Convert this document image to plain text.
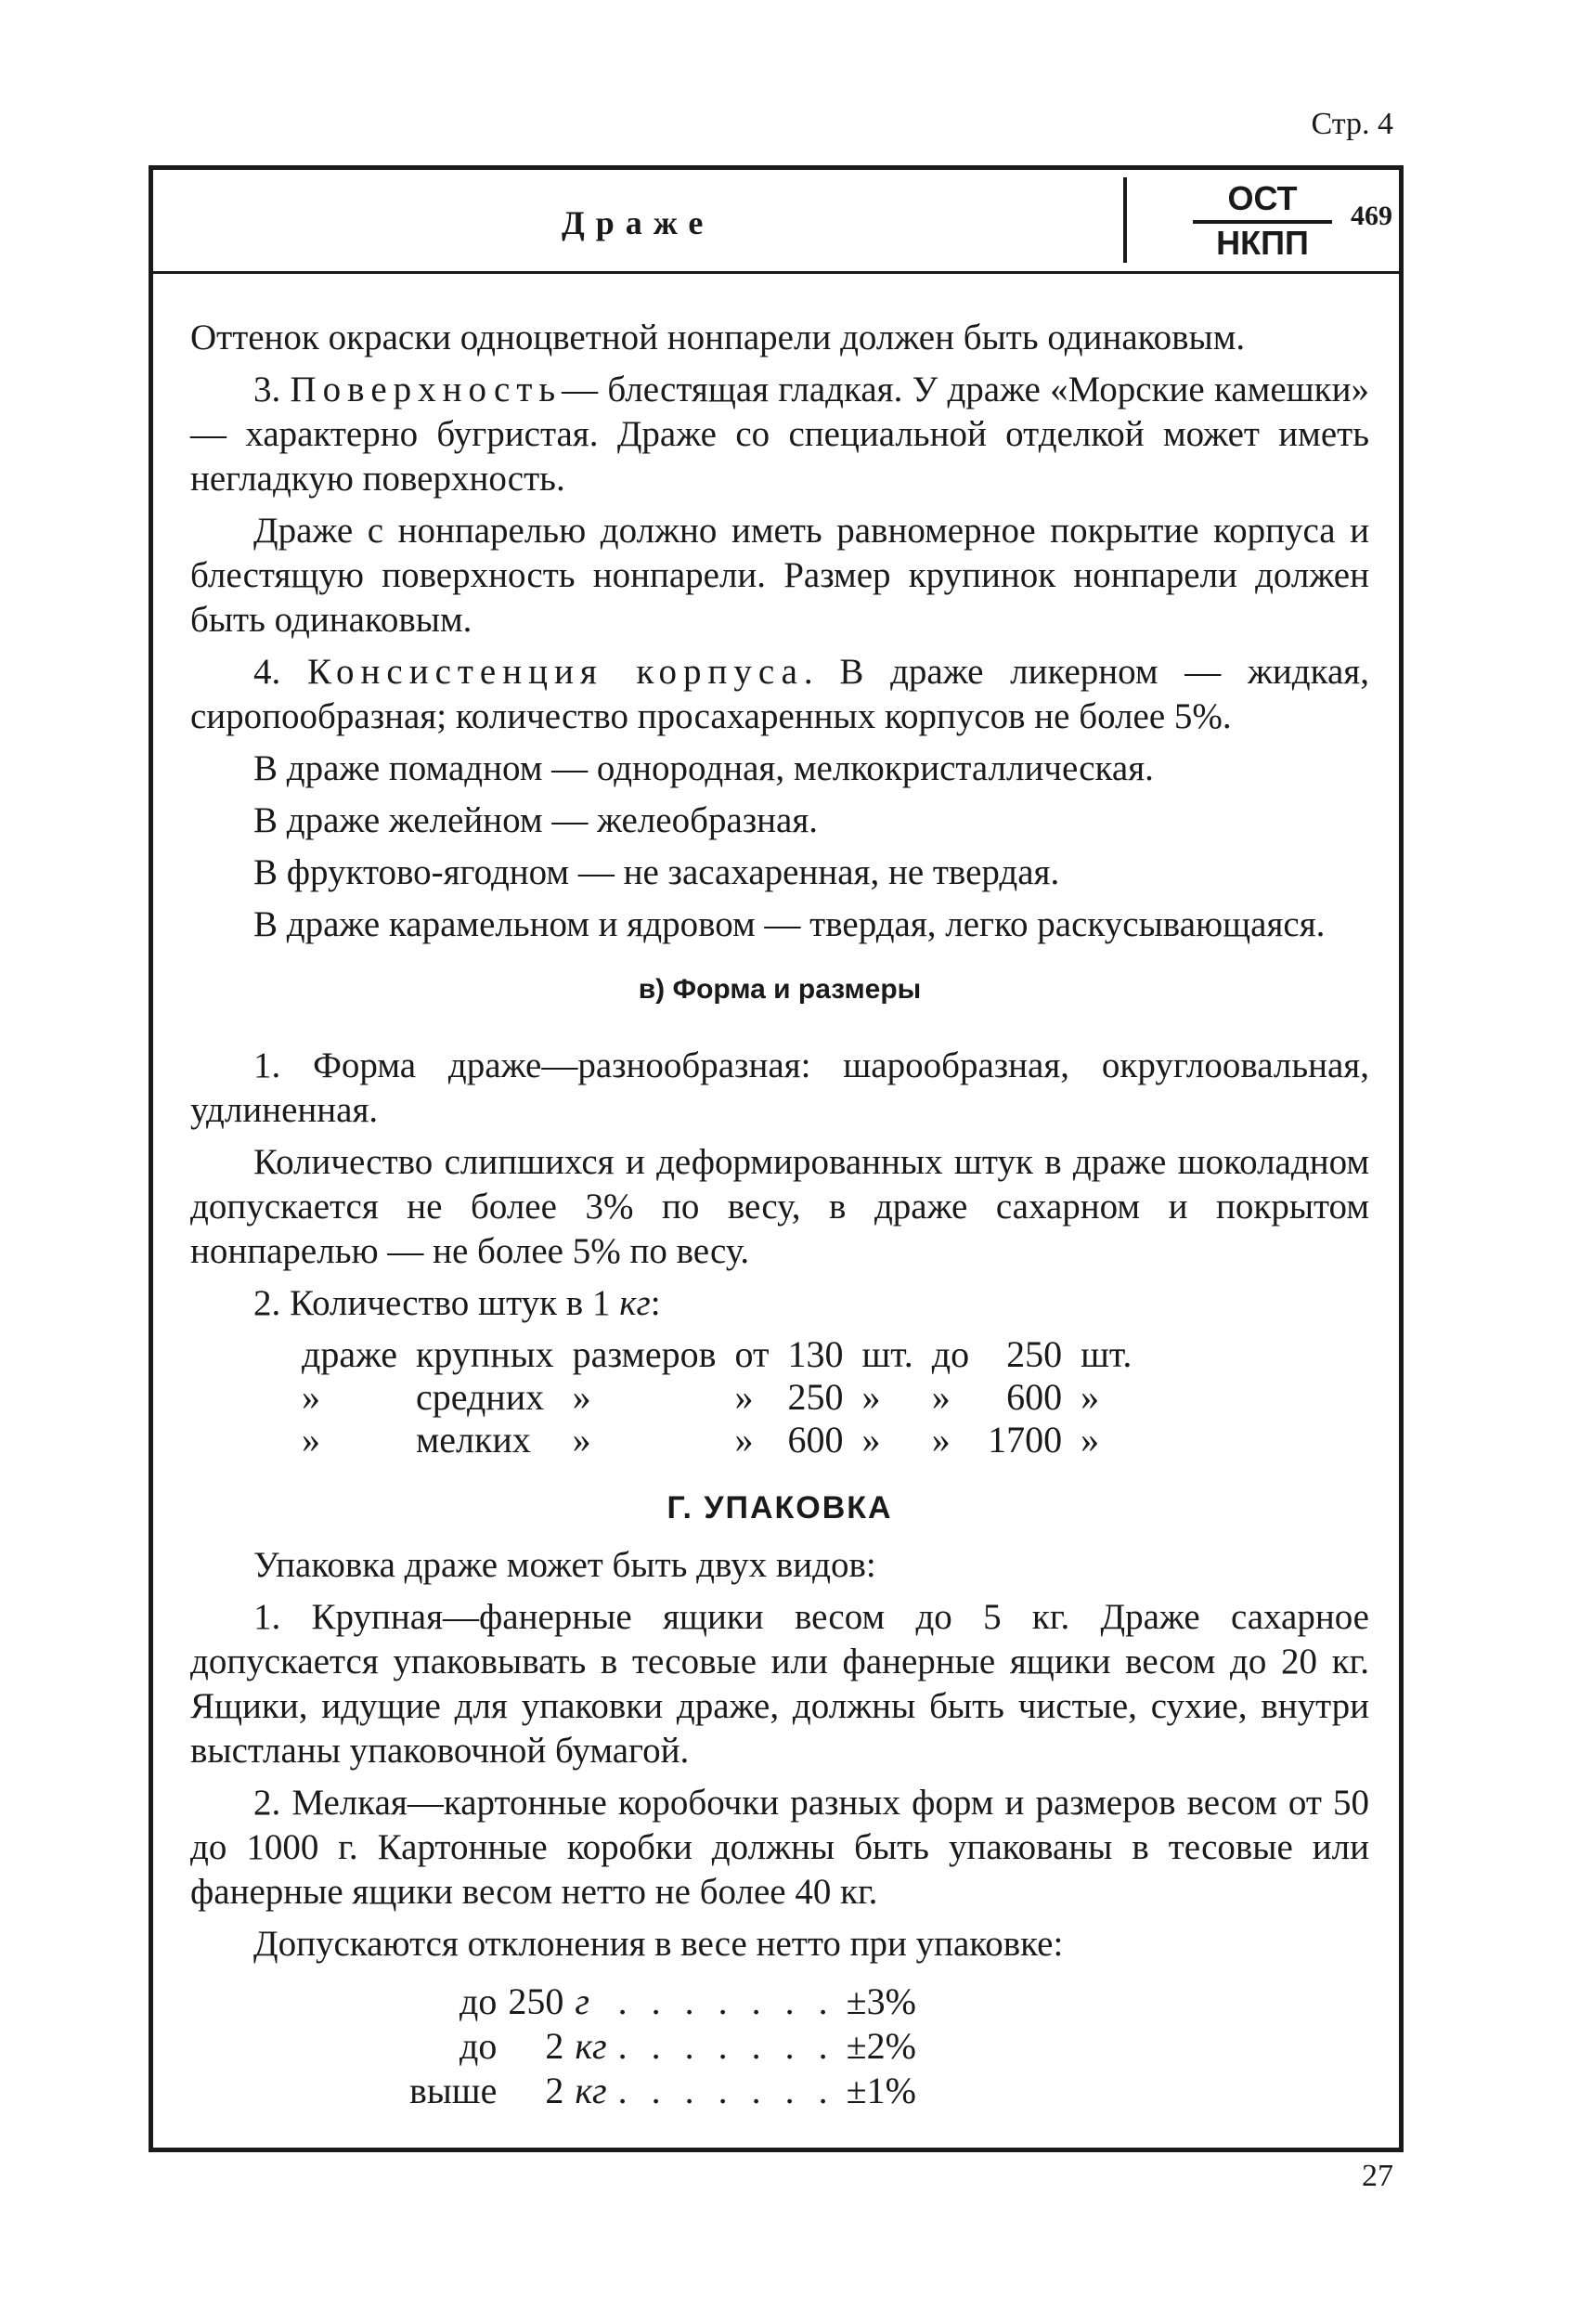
Стр. 4
Драже
ОСТ
НКПП
469

Оттенок окраски одноцветной нонпарели должен быть одинаковым.

3. Поверхность— блестящая гладкая. У драже «Морские камешки» — характерно бугристая. Драже со специальной отделкой может иметь негладкую поверхность.

Драже с нонпарелью должно иметь равномерное покрытие корпуса и блестящую поверхность нонпарели. Размер крупинок нонпарели должен быть одинаковым.

4. Консистенция корпуса. В драже ликерном — жидкая, сиропообразная; количество просахаренных корпусов не более 5%.

В драже помадном — однородная, мелкокристаллическая.

В драже желейном — желеобразная.

В фруктово-ягодном — не засахаренная, не твердая.

В драже карамельном и ядровом — твердая, легко раскусывающаяся.

в) Форма и размеры

1. Форма драже—разнообразная: шарообразная, округлоовальная, удлиненная.

Количество слипшихся и деформированных штук в драже шоколадном допускается не более 3% по весу, в драже сахарном и покрытом нонпарелью — не более 5% по весу.

2. Количество штук в 1 кг:

драже	крупных	размеров	от	130	шт.	до	250	шт.
»	средних	»	»	250	»	»	600	»
»	мелких	»	»	600	»	»	1700	»
Г. УПАКОВКА

Упаковка драже может быть двух видов:

1. Крупная—фанерные ящики весом до 5 кг. Драже сахарное допускается упаковывать в тесовые или фанерные ящики весом до 20 кг. Ящики, идущие для упаковки драже, должны быть чистые, сухие, внутри выстланы упаковочной бумагой.

2. Мелкая—картонные коробочки разных форм и размеров весом от 50 до 1000 г. Картонные коробки должны быть упакованы в тесовые или фанерные ящики весом нетто не более 40 кг.

Допускаются отклонения в весе нетто при упаковке:

до	250	г	. . . . . . .	±3%
до	2	кг	. . . . . . .	±2%
выше	2	кг	. . . . . . .	±1%
27
